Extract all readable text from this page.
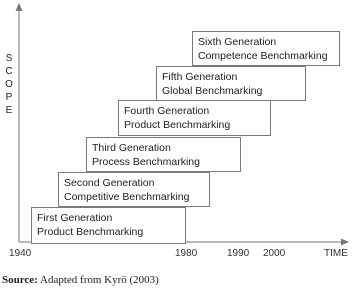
S
C
O
P
E
First Generation
Product Benchmarking
Second Generation
Competitive Benchmarking
Third Generation
Process Benchmarking
Fourth Generation
Product Benchmarking
Fifth Generation
Global Benchmarking
Sixth Generation
Competence Benchmarking
1940	1980	1990 2000	TIME
Source: Adapted from Kyrö (2003)
